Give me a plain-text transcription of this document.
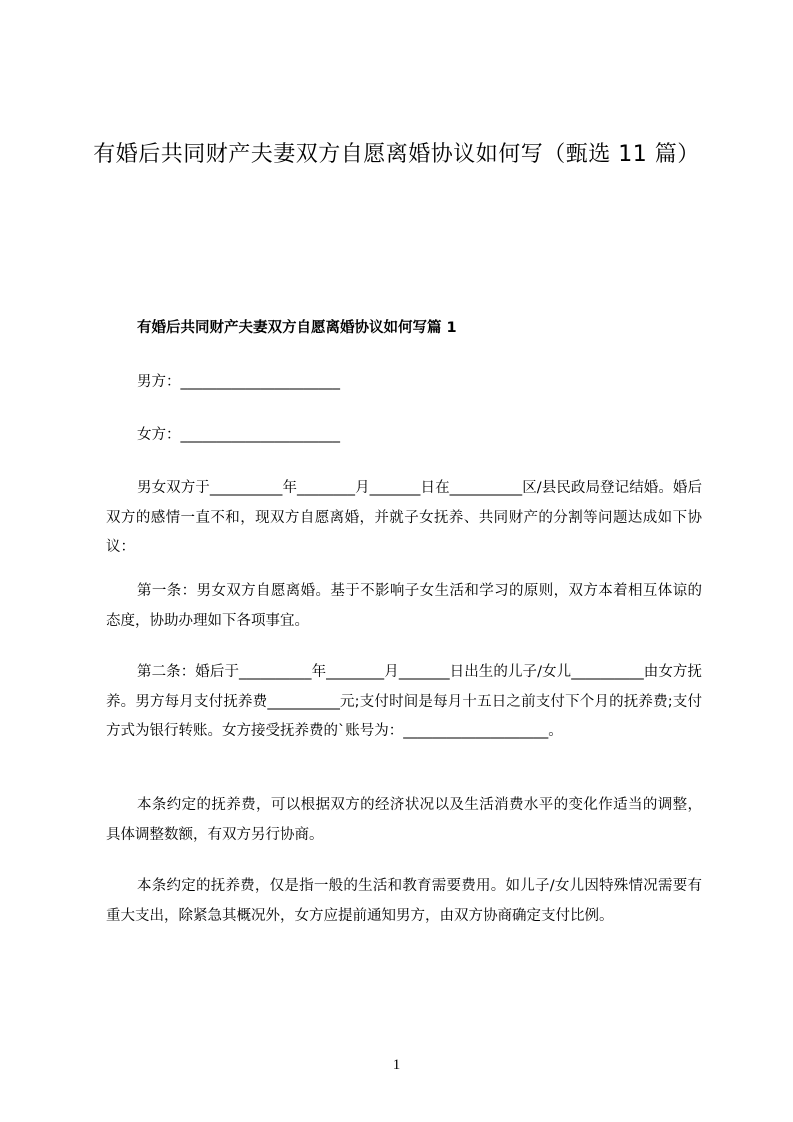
有婚后共同财产夫妻双方自愿离婚协议如何写（甄选 11 篇）
有婚后共同财产夫妻双方自愿离婚协议如何写篇 1

男方：______________________

女方：______________________

男女双方于__________年________月_______日在__________区/县民政局登记结婚。婚后双方的感情一直不和，现双方自愿离婚，并就子女抚养、共同财产的分割等问题达成如下协议：

第一条：男女双方自愿离婚。基于不影响子女生活和学习的原则，双方本着相互体谅的态度，协助办理如下各项事宜。

第二条：婚后于__________年________月_______日出生的儿子/女儿__________由女方抚养。男方每月支付抚养费__________元;支付时间是每月十五日之前支付下个月的抚养费;支付方式为银行转账。女方接受抚养费的`账号为：____________________。

本条约定的抚养费，可以根据双方的经济状况以及生活消费水平的变化作适当的调整，具体调整数额，有双方另行协商。

本条约定的抚养费，仅是指一般的生活和教育需要费用。如儿子/女儿因特殊情况需要有重大支出，除紧急其概况外，女方应提前通知男方，由双方协商确定支付比例。

1
